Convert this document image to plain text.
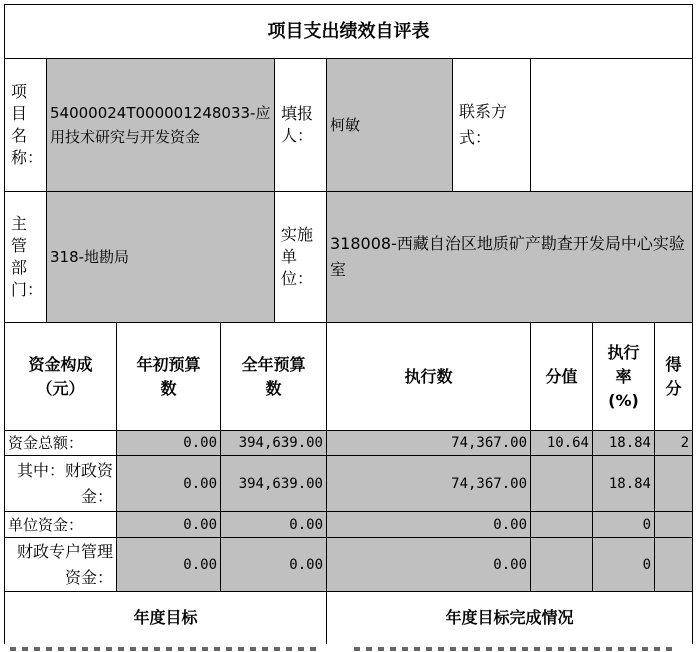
项目支出绩效自评表									
项目名称：	54000024T000001248033-应用技术研究与开发资金			填报人：	柯敏	联系方式：			
主管部门：	318-地勘局			实施单位：	318008-西藏自治区地质矿产勘查开发局中心实验室				
资金构成（元）		年初预算数	全年预算数		执行数		分值	执行率(%)	得分
资金总额：		0.00	394,639.00		74,367.00		10.64	18.84	2
其中：财政资金：		0.00	394,639.00		74,367.00			18.84	
单位资金：		0.00	0.00		0.00			0	
财政专户管理资金：		0.00	0.00		0.00			0	
年度目标					年度目标完成情况				
